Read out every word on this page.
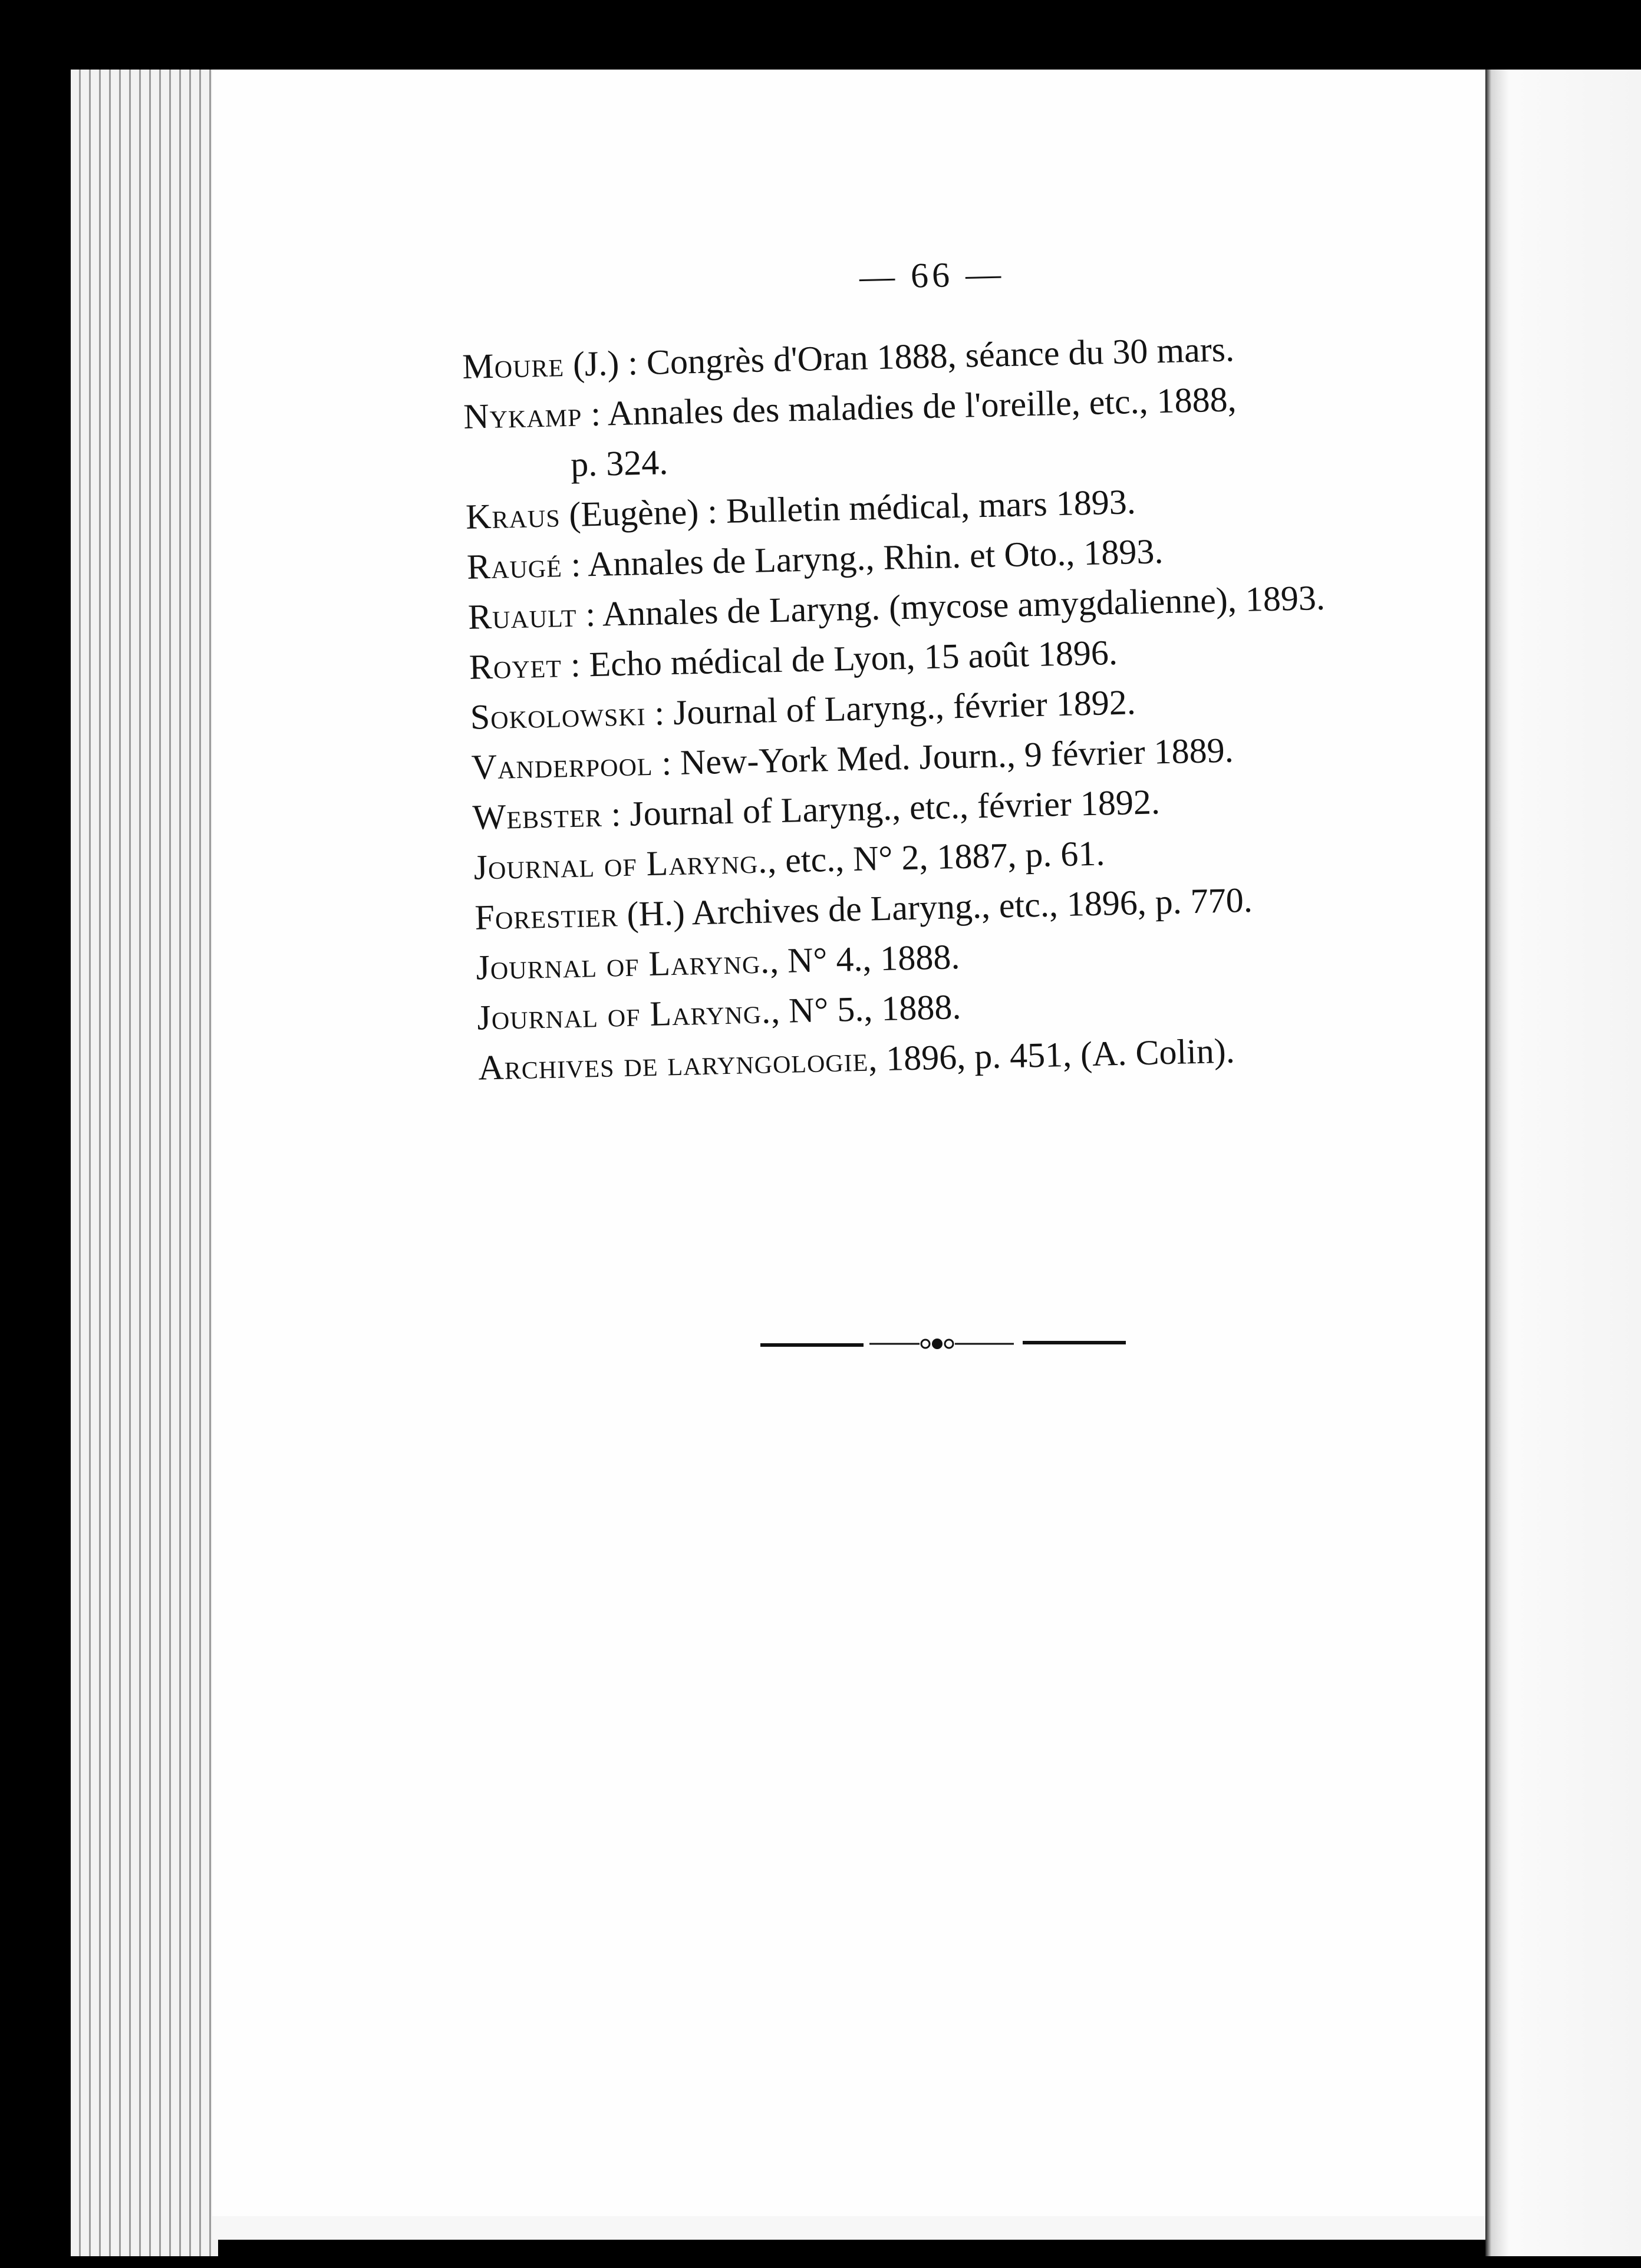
— 66 —
Moure (J.) : Congrès d'Oran 1888, séance du 30 mars.
Nykamp : Annales des maladies de l'oreille, etc., 1888,
p. 324.
Kraus (Eugène) : Bulletin médical, mars 1893.
Raugé : Annales de Laryng., Rhin. et Oto., 1893.
Ruault : Annales de Laryng. (mycose amygdalienne), 1893.
Royet : Echo médical de Lyon, 15 août 1896.
Sokolowski : Journal of Laryng., février 1892.
Vanderpool : New-York Med. Journ., 9 février 1889.
Webster : Journal of Laryng., etc., février 1892.
Journal of Laryng., etc., N° 2, 1887, p. 61.
Forestier (H.) Archives de Laryng., etc., 1896, p. 770.
Journal of Laryng., N° 4., 1888.
Journal of Laryng., N° 5., 1888.
Archives de laryngologie, 1896, p. 451, (A. Colin).
